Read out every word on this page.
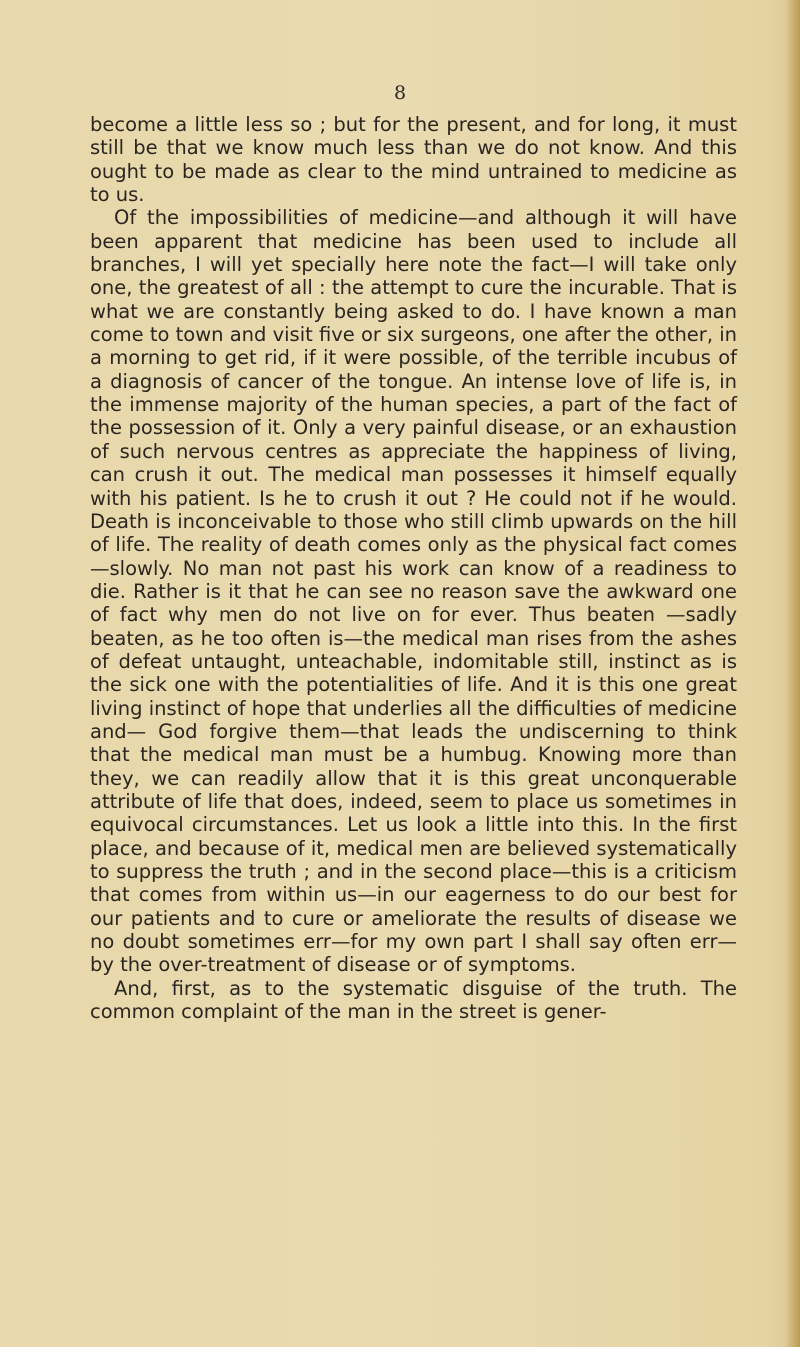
8

become a little less so ; but for the present, and for long, it must still be that we know much less than we do not know. And this ought to be made as clear to the mind untrained to medicine as to us.

Of the impossibilities of medicine—and although it will have been apparent that medicine has been used to include all branches, I will yet specially here note the fact—I will take only one, the greatest of all : the attempt to cure the incurable. That is what we are constantly being asked to do. I have known a man come to town and visit five or six surgeons, one after the other, in a morning to get rid, if it were possible, of the terrible incubus of a diagnosis of cancer of the tongue. An intense love of life is, in the immense majority of the human species, a part of the fact of the possession of it. Only a very painful disease, or an exhaustion of such nervous centres as appreciate the happiness of living, can crush it out. The medical man possesses it himself equally with his patient. Is he to crush it out ? He could not if he would. Death is inconceivable to those who still climb upwards on the hill of life. The reality of death comes only as the physical fact comes—slowly. No man not past his work can know of a readiness to die. Rather is it that he can see no reason save the awkward one of fact why men do not live on for ever. Thus beaten —sadly beaten, as he too often is—the medical man rises from the ashes of defeat untaught, unteachable, indomitable still, instinct as is the sick one with the potentialities of life. And it is this one great living instinct of hope that underlies all the difficulties of medicine and— God forgive them—that leads the undiscerning to think that the medical man must be a humbug. Knowing more than they, we can readily allow that it is this great unconquerable attribute of life that does, indeed, seem to place us sometimes in equivocal circumstances. Let us look a little into this. In the first place, and because of it, medical men are believed systematically to suppress the truth ; and in the second place—this is a criticism that comes from within us—in our eagerness to do our best for our patients and to cure or ameliorate the results of disease we no doubt sometimes err—for my own part I shall say often err—by the over-treatment of disease or of symptoms.

And, first, as to the systematic disguise of the truth. The common complaint of the man in the street is gener-
